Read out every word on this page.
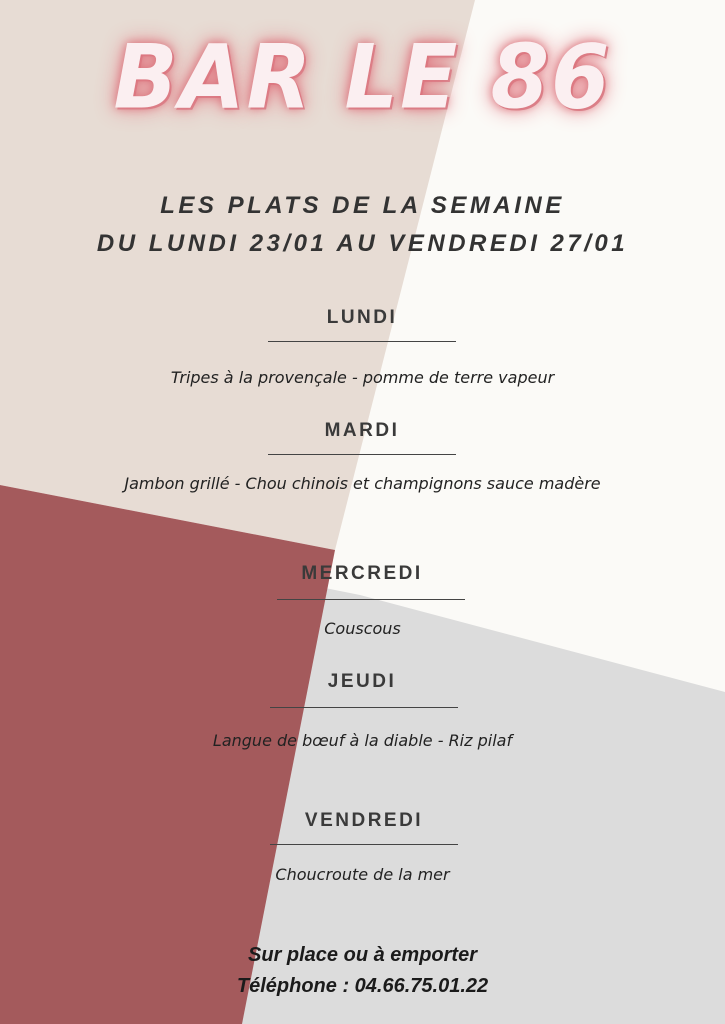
BAR LE 86
LES PLATS DE LA SEMAINE
DU LUNDI 23/01 AU VENDREDI 27/01
LUNDI
Tripes à la provençale - pomme de terre vapeur
MARDI
Jambon grillé - Chou chinois et champignons sauce madère
MERCREDI
Couscous
JEUDI
Langue de bœuf à la diable - Riz pilaf
VENDREDI
Choucroute de la mer
Sur place ou à emporter
Téléphone : 04.66.75.01.22
